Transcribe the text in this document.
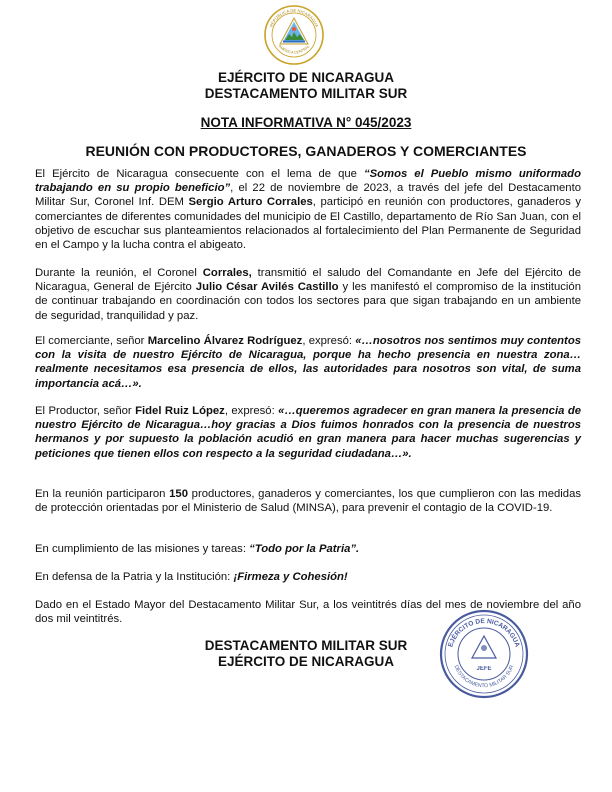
REPÚBLICA DE NICARAGUA
AMÉRICA CENTRAL
EJÉRCITO DE NICARAGUA
DESTACAMENTO MILITAR SUR
NOTA INFORMATIVA N° 045/2023
REUNIÓN CON PRODUCTORES, GANADEROS Y COMERCIANTES

El Ejército de Nicaragua consecuente con el lema de que “Somos el Pueblo mismo uniformado trabajando en su propio beneficio”, el 22 de noviembre de 2023, a través del jefe del Destacamento Militar Sur, Coronel Inf. DEM Sergio Arturo Corrales, participó en reunión con productores, ganaderos y comerciantes de diferentes comunidades del municipio de El Castillo, departamento de Río San Juan, con el objetivo de escuchar sus planteamientos relacionados al fortalecimiento del Plan Permanente de Seguridad en el Campo y la lucha contra el abigeato.

Durante la reunión, el Coronel Corrales, transmitió el saludo del Comandante en Jefe del Ejército de Nicaragua, General de Ejército Julio César Avilés Castillo y les manifestó el compromiso de la institución de continuar trabajando en coordinación con todos los sectores para que sigan trabajando en un ambiente de seguridad, tranquilidad y paz.

El comerciante, señor Marcelino Álvarez Rodríguez, expresó: «…nosotros nos sentimos muy contentos con la visita de nuestro Ejército de Nicaragua, porque ha hecho presencia en nuestra zona…realmente necesitamos esa presencia de ellos, las autoridades para nosotros son vital, de suma importancia acá…».

El Productor, señor Fidel Ruiz López, expresó: «…queremos agradecer en gran manera la presencia de nuestro Ejército de Nicaragua…hoy gracias a Dios fuimos honrados con la presencia de nuestros hermanos y por supuesto la población acudió en gran manera para hacer muchas sugerencias y peticiones que tienen ellos con respecto a la seguridad ciudadana…».

En la reunión participaron 150 productores, ganaderos y comerciantes, los que cumplieron con las medidas de protección orientadas por el Ministerio de Salud (MINSA), para prevenir el contagio de la COVID-19.

En cumplimiento de las misiones y tareas: “Todo por la Patria”.

En defensa de la Patria y la Institución: ¡Firmeza y Cohesión!

Dado en el Estado Mayor del Destacamento Militar Sur, a los veintitrés días del mes de noviembre del año dos mil veintitrés.

DESTACAMENTO MILITAR SUR
EJÉRCITO DE NICARAGUA
EJÉRCITO DE NICARAGUA
DESTACAMENTO MILITAR SUR
JEFE
